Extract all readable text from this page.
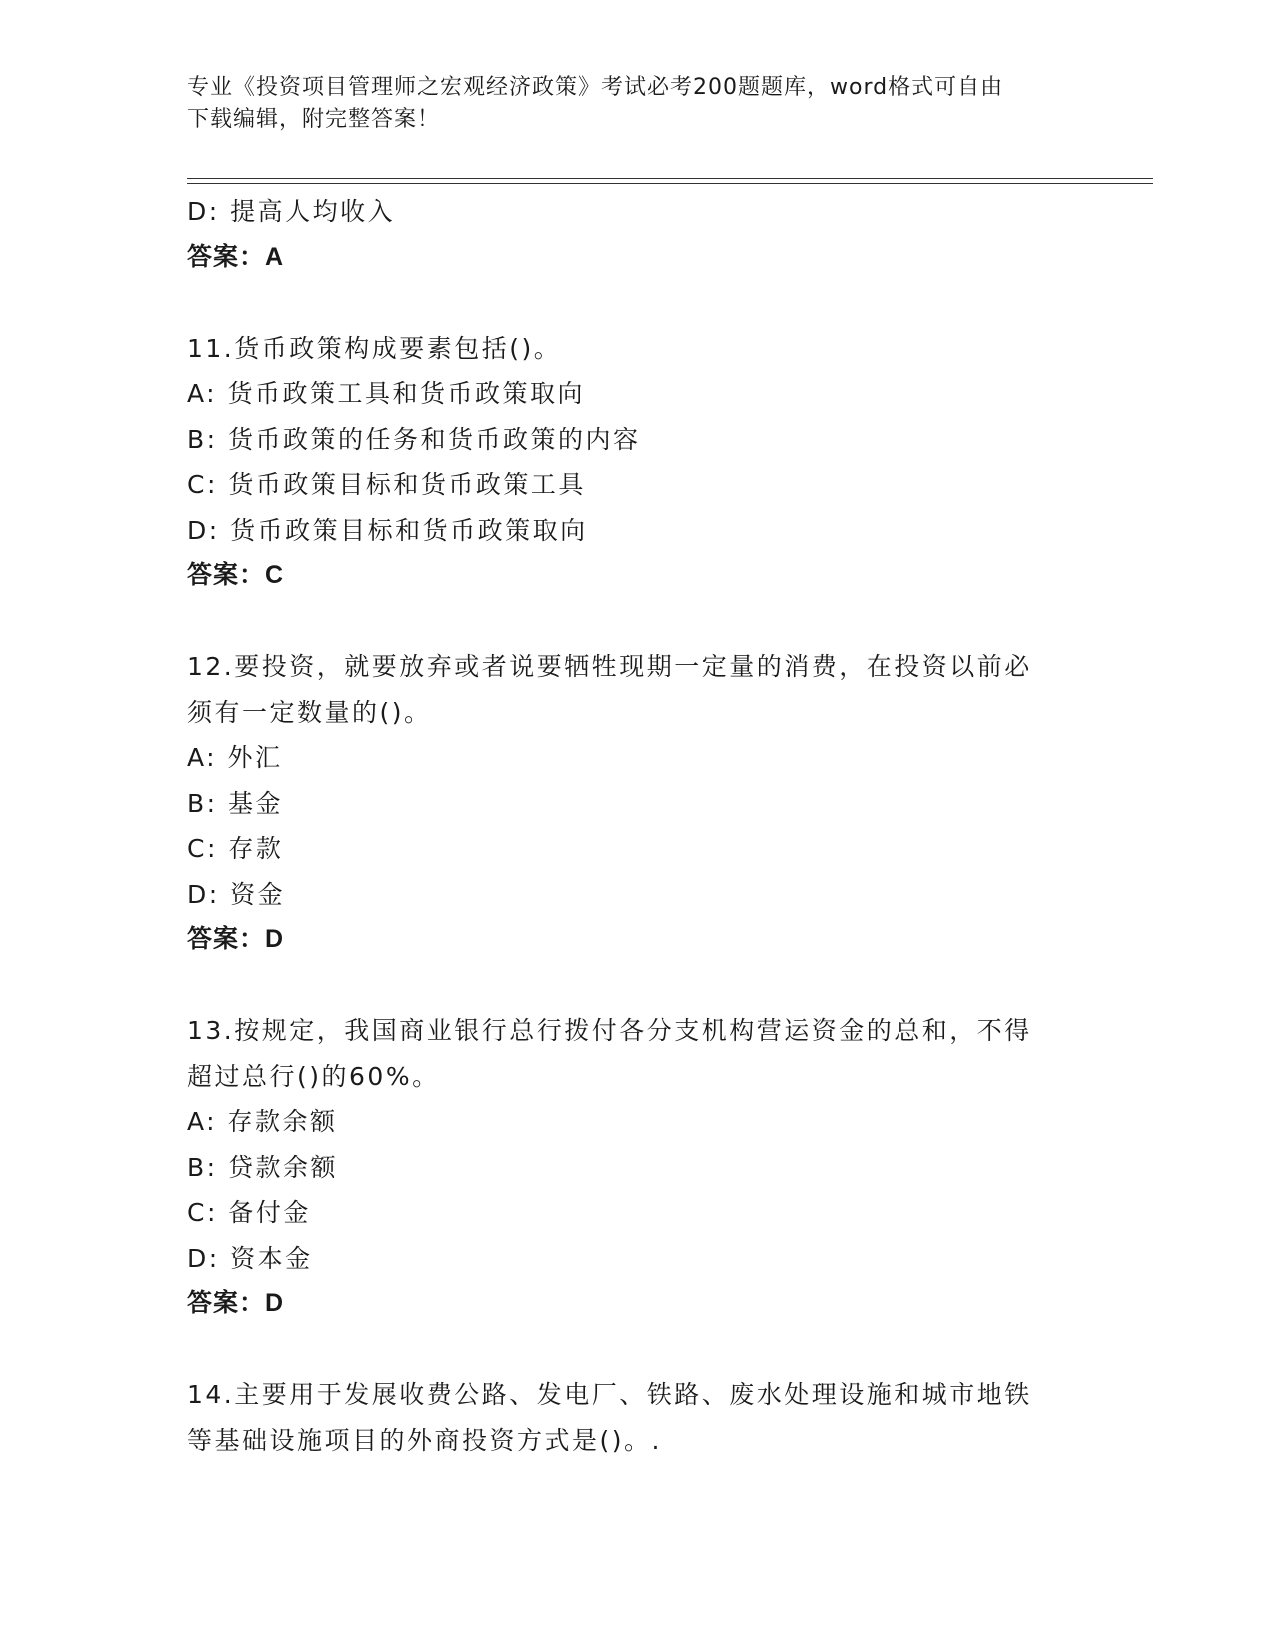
专业《投资项目管理师之宏观经济政策》考试必考200题题库，word格式可自由
下载编辑，附完整答案！
D: 提高人均收入
答案：A
11.货币政策构成要素包括()。
A: 货币政策工具和货币政策取向
B: 货币政策的任务和货币政策的内容
C: 货币政策目标和货币政策工具
D: 货币政策目标和货币政策取向
答案：C
12.要投资，就要放弃或者说要牺牲现期一定量的消费，在投资以前必
须有一定数量的()。
A: 外汇
B: 基金
C: 存款
D: 资金
答案：D
13.按规定，我国商业银行总行拨付各分支机构营运资金的总和，不得
超过总行()的60%。
A: 存款余额
B: 贷款余额
C: 备付金
D: 资本金
答案：D
14.主要用于发展收费公路、发电厂、铁路、废水处理设施和城市地铁
等基础设施项目的外商投资方式是()。.
